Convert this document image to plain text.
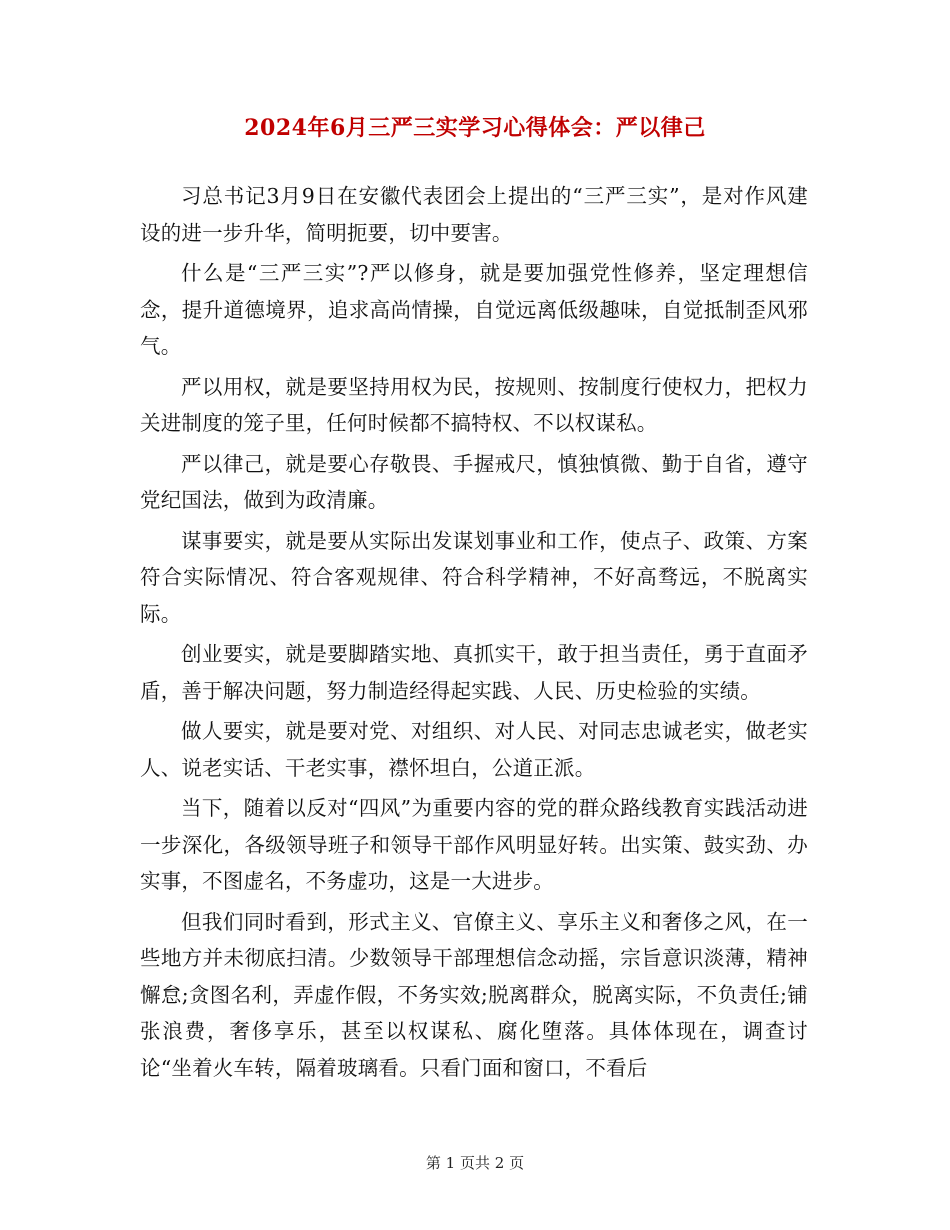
2024年6月三严三实学习心得体会：严以律己

习总书记3月9日在安徽代表团会上提出的“三严三实”，是对作风建设的进一步升华，简明扼要，切中要害。

什么是“三严三实”?严以修身，就是要加强党性修养，坚定理想信念，提升道德境界，追求高尚情操，自觉远离低级趣味，自觉抵制歪风邪气。

严以用权，就是要坚持用权为民，按规则、按制度行使权力，把权力关进制度的笼子里，任何时候都不搞特权、不以权谋私。

严以律己，就是要心存敬畏、手握戒尺，慎独慎微、勤于自省，遵守党纪国法，做到为政清廉。

谋事要实，就是要从实际出发谋划事业和工作，使点子、政策、方案符合实际情况、符合客观规律、符合科学精神，不好高骛远，不脱离实际。

创业要实，就是要脚踏实地、真抓实干，敢于担当责任，勇于直面矛盾，善于解决问题，努力制造经得起实践、人民、历史检验的实绩。

做人要实，就是要对党、对组织、对人民、对同志忠诚老实，做老实人、说老实话、干老实事，襟怀坦白，公道正派。

当下，随着以反对“四风”为重要内容的党的群众路线教育实践活动进一步深化，各级领导班子和领导干部作风明显好转。出实策、鼓实劲、办实事，不图虚名，不务虚功，这是一大进步。

但我们同时看到，形式主义、官僚主义、享乐主义和奢侈之风，在一些地方并未彻底扫清。少数领导干部理想信念动摇，宗旨意识淡薄，精神懈怠;贪图名利，弄虚作假，不务实效;脱离群众，脱离实际，不负责任;铺张浪费，奢侈享乐，甚至以权谋私、腐化堕落。具体体现在，调查讨论“坐着火车转，隔着玻璃看。只看门面和窗口，不看后

第 1 页共 2 页
